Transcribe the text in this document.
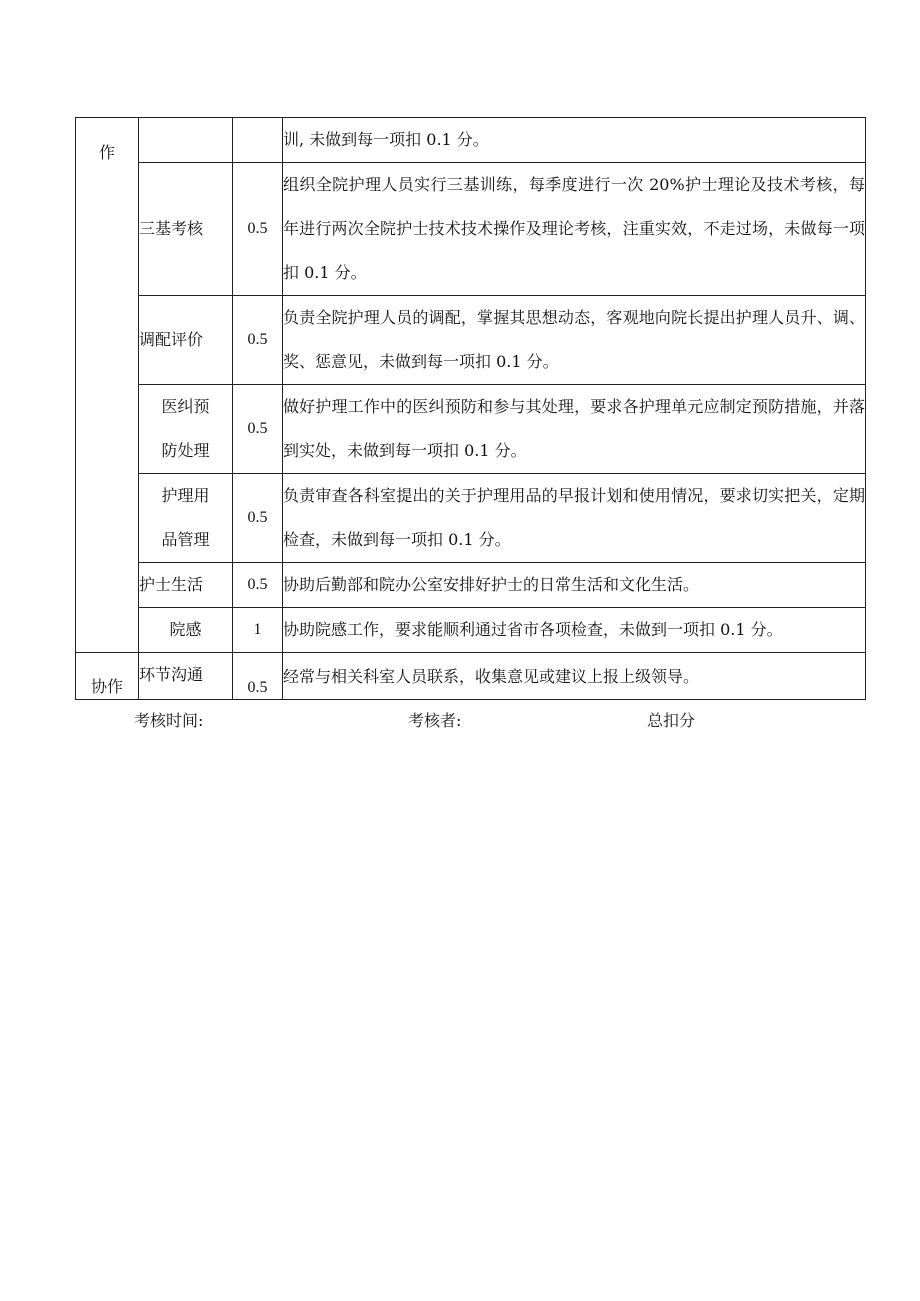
作			训, 未做到每一项扣 0.1 分。

	三基考核	0.5	组织全院护理人员实行三基训练，每季度进行一次 20%护士理论及技术考核，每年进行两次全院护士技术技术操作及理论考核，注重实效，不走过场，未做每一项扣 0.1 分。

	调配评价	0.5	负责全院护理人员的调配，掌握其思想动态，客观地向院长提出护理人员升、调、奖、惩意见，未做到每一项扣 0.1 分。

	医纠预防处理	0.5	做好护理工作中的医纠预防和参与其处理，要求各护理单元应制定预防措施，并落到实处，未做到每一项扣 0.1 分。

	护理用品管理	0.5	负责审查各科室提出的关于护理用品的早报计划和使用情况，要求切实把关，定期检查，未做到每一项扣 0.1 分。

	护士生活	0.5	协助后勤部和院办公室安排好护士的日常生活和文化生活。

	院感	1	协助院感工作，要求能顺利通过省市各项检查，未做到一项扣 0.1 分。

协作	环节沟通	0.5	经常与相关科室人员联系，收集意见或建议上报上级领导。
考核时间:	考核者:	总扣分
